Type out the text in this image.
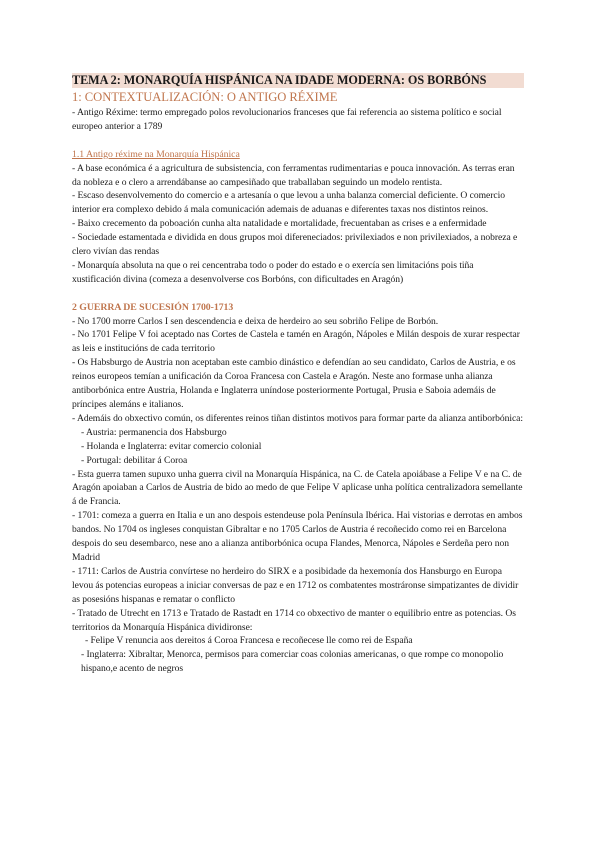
TEMA 2: MONARQUÍA HISPÁNICA NA IDADE MODERNA: OS BORBÓNS
1: CONTEXTUALIZACIÓN: O ANTIGO RÉXIME

- Antigo Réxime: termo empregado polos revolucionarios franceses que fai referencia ao sistema político e social europeo anterior a 1789

1.1 Antigo réxime na Monarquía Hispánica

- A base económica é a agricultura de subsistencia, con ferramentas rudimentarias e pouca innovación. As terras eran da nobleza e o clero a arrendábanse ao campesiñado que traballaban seguindo un modelo rentista.

- Escaso desenvolvemento do comercio e a artesanía o que levou a unha balanza comercial deficiente. O comercio interior era complexo debido á mala comunicación ademais de aduanas e diferentes taxas nos distintos reinos.

- Baixo crecemento da poboación cunha alta natalidade e mortalidade, frecuentaban as crises e a enfermidade

- Sociedade estamentada e dividida en dous grupos moi difereneciados: privilexiados e non privilexiados, a nobreza e clero vivían das rendas

- Monarquía absoluta na que o rei cencentraba todo o poder do estado e o exercía sen limitacións pois tiña xustificación divina (comeza a desenvolverse cos Borbóns, con dificultades en Aragón)

2 GUERRA DE SUCESIÓN 1700-1713

- No 1700 morre Carlos I sen descendencia e deixa de herdeiro ao seu sobriño Felipe de Borbón.

- No 1701 Felipe V foi aceptado nas Cortes de Castela e tamén en Aragón, Nápoles e Milán despois de xurar respectar as leis e institucións de cada territorio

- Os Habsburgo de Austria non aceptaban este cambio dinástico e defendían ao seu candidato, Carlos de Austria, e os reinos europeos temían a unificación da Coroa Francesa con Castela e Aragón. Neste ano formase unha alianza antiborbónica entre Austria, Holanda e Inglaterra uníndose posteriormente Portugal, Prusia e Saboia ademáis de príncipes alemáns e italianos.

- Ademáis do obxectivo común, os diferentes reinos tiñan distintos motivos para formar parte da alianza antiborbónica:

- Austria: permanencia dos Habsburgo

- Holanda e Inglaterra: evitar comercio colonial

- Portugal: debilitar á Coroa

- Esta guerra tamen supuxo unha guerra civil na Monarquía Hispánica, na C. de Catela apoiábase a Felipe V e na C. de Aragón apoiaban a Carlos de Austria de bido ao medo de que Felipe V aplicase unha política centralizadora semellante á de Francia.

- 1701: comeza a guerra en Italia e un ano despois estendeuse pola Península Ibérica. Hai vistorias e derrotas en ambos bandos. No 1704 os ingleses conquistan Gibraltar e no 1705 Carlos de Austria é recoñecido como rei en Barcelona despois do seu desembarco, nese ano a alianza antiborbónica ocupa Flandes, Menorca, Nápoles e Serdeña pero non Madrid

- 1711: Carlos de Austria convírtese no herdeiro do SIRX e a posibidade da hexemonía dos Hansburgo en Europa levou ás potencias europeas a iniciar conversas de paz e en 1712 os combatentes mostráronse simpatizantes de dividir as posesións hispanas e rematar o conflicto

- Tratado de Utrecht en 1713 e Tratado de Rastadt en 1714 co obxectivo de manter o equilibrio entre as potencias. Os territorios da Monarquía Hispánica dividironse:

- Felipe V renuncia aos dereitos á Coroa Francesa e recoñecese lle como rei de España

- Inglaterra: Xibraltar, Menorca, permisos para comerciar coas colonias americanas, o que rompe co monopolio hispano,e acento de negros
